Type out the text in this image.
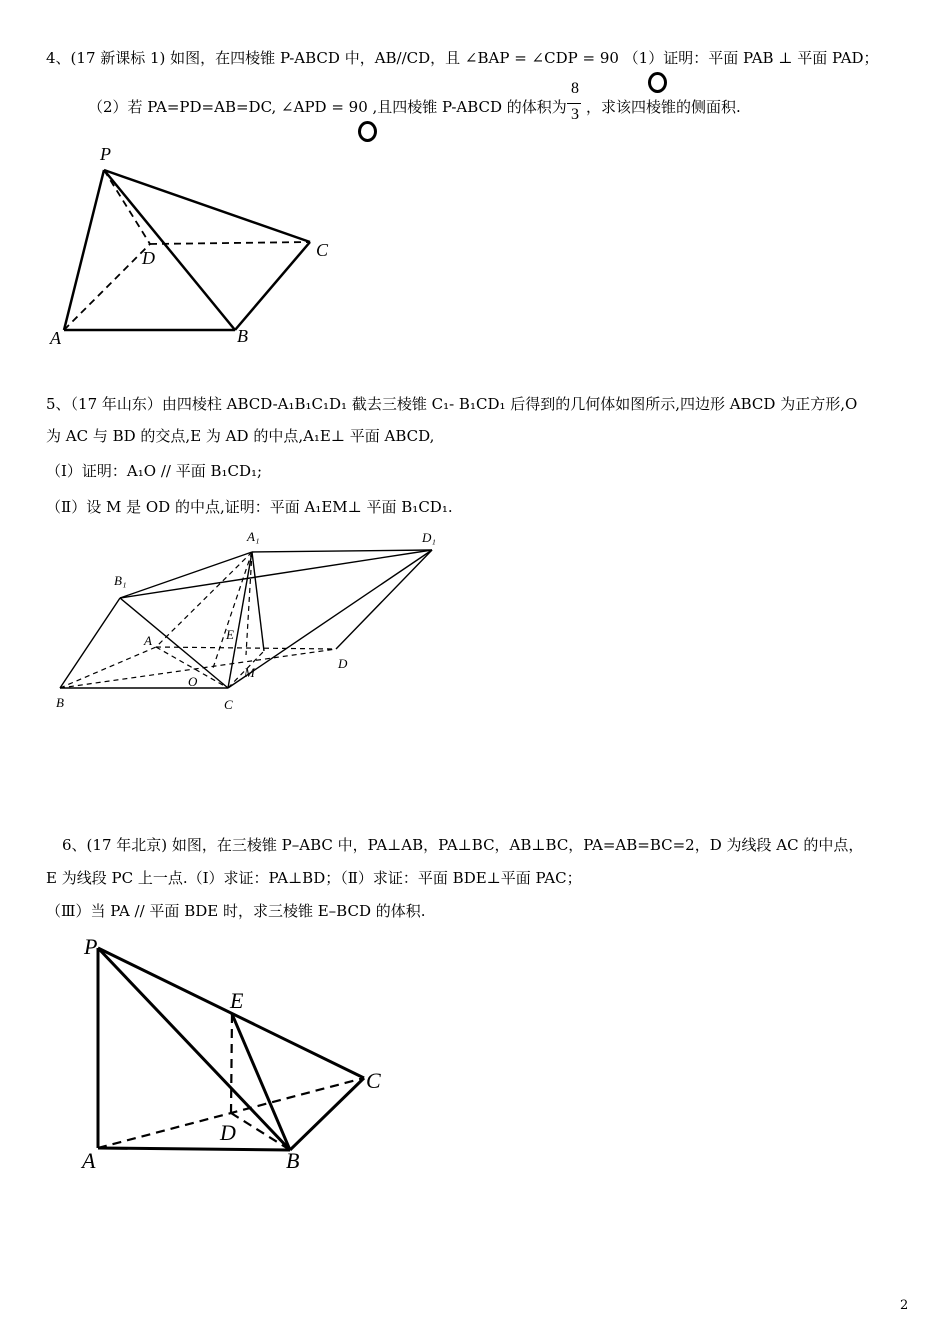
4、(17 新课标 1) 如图，在四棱锥 P-ABCD 中，AB//CD，且 ∠BAP = ∠CDP = 90 （1）证明：平面 PAB ⊥ 平面 PAD；
（2）若 PA=PD=AB=DC, ∠APD = 90 ,且四棱锥 P-ABCD 的体积为
8
3 ，求该四棱锥的侧面积.
P
D	C
A	B
5、（17 年山东）由四棱柱 ABCD-A₁B₁C₁D₁ 截去三棱锥 C₁- B₁CD₁ 后得到的几何体如图所示,四边形 ABCD 为正方形,O
为 AC 与 BD 的交点,E 为 AD 的中点,A₁E⊥ 平面 ABCD,
（Ⅰ）证明：A₁O // 平面 B₁CD₁;
（Ⅱ）设 M 是 OD 的中点,证明：平面 A₁EM⊥ 平面 B₁CD₁.
A₁	D₁
B₁
A	E
D
O
M
B	C
6、(17 年北京) 如图，在三棱锥 P–ABC 中，PA⊥AB，PA⊥BC，AB⊥BC，PA=AB=BC=2，D 为线段 AC 的中点，
E 为线段 PC 上一点.（Ⅰ）求证：PA⊥BD；（Ⅱ）求证：平面 BDE⊥平面 PAC；
（Ⅲ）当 PA // 平面 BDE 时，求三棱锥 E–BCD 的体积.
P
E
C
D
A	B
2
